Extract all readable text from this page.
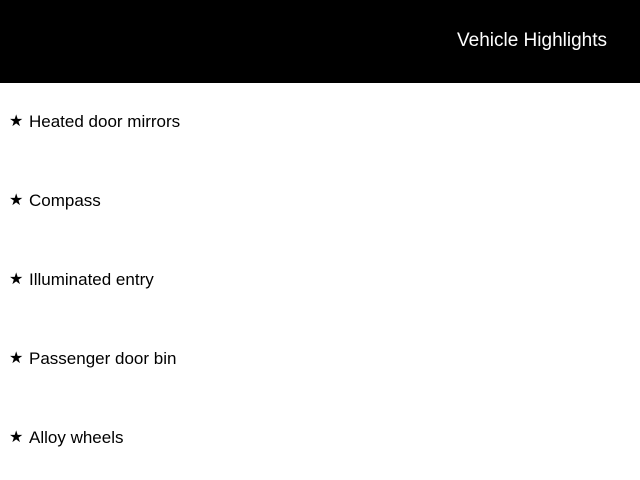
Vehicle Highlights
★ Heated door mirrors
★ Compass
★ Illuminated entry
★ Passenger door bin
★ Alloy wheels
